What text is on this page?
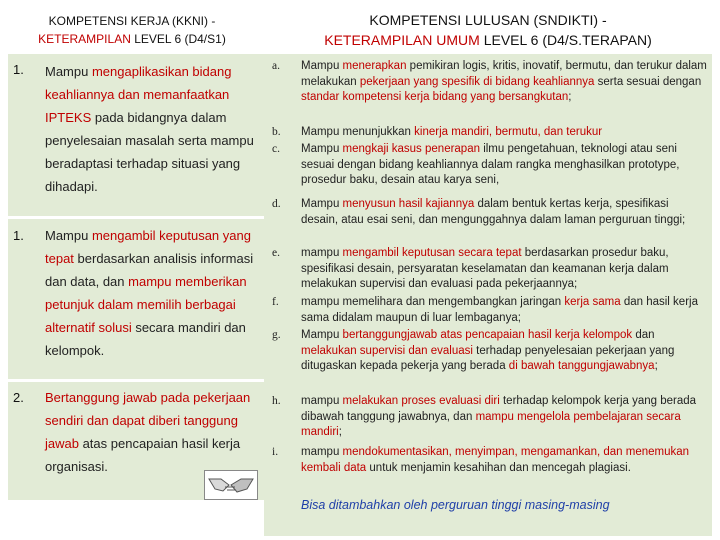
KOMPETENSI KERJA (KKNI) -
KETERAMPILAN LEVEL 6 (D4/S1)
KOMPETENSI LULUSAN (SNDIKTI) -
KETERAMPILAN UMUM LEVEL 6 (D4/S.TERAPAN)
1. Mampu mengaplikasikan bidang keahliannya dan memanfaatkan IPTEKS pada bidangnya dalam penyelesaian masalah serta mampu beradaptasi terhadap situasi yang dihadapi.
1. Mampu mengambil keputusan yang tepat berdasarkan analisis informasi dan data, dan mampu memberikan petunjuk dalam memilih berbagai alternatif solusi secara mandiri dan kelompok.
2. Bertanggung jawab pada pekerjaan sendiri dan dapat diberi tanggung jawab atas pencapaian hasil kerja organisasi.
a. Mampu menerapkan pemikiran logis, kritis, inovatif, bermutu, dan terukur dalam melakukan pekerjaan yang spesifik di bidang keahliannya serta sesuai dengan standar kompetensi kerja bidang yang bersangkutan;
b. Mampu menunjukkan kinerja mandiri, bermutu, dan terukur
c. Mampu mengkaji kasus penerapan ilmu pengetahuan, teknologi atau seni sesuai dengan bidang keahliannya dalam rangka menghasilkan prototype, prosedur baku, desain atau karya seni,
d. Mampu menyusun hasil kajiannya dalam bentuk kertas kerja, spesifikasi desain, atau esai seni, dan mengunggahnya dalam laman perguruan tinggi;
e. mampu mengambil keputusan secara tepat berdasarkan prosedur baku, spesifikasi desain, persyaratan keselamatan dan keamanan kerja dalam melakukan supervisi dan evaluasi pada pekerjaannya;
f. mampu memelihara dan mengembangkan jaringan kerja sama dan hasil kerja sama didalam maupun di luar lembaganya;
g. Mampu bertanggungjawab atas pencapaian hasil kerja kelompok dan melakukan supervisi dan evaluasi terhadap penyelesaian pekerjaan yang ditugaskan kepada pekerja yang berada di bawah tanggungjawabnya;
h. mampu melakukan proses evaluasi diri terhadap kelompok kerja yang berada dibawah tanggung jawabnya, dan mampu mengelola pembelajaran secara mandiri;
i. mampu mendokumentasikan, menyimpan, mengamankan, dan menemukan kembali data untuk menjamin kesahihan dan mencegah plagiasi.
Bisa ditambahkan oleh perguruan tinggi masing-masing
